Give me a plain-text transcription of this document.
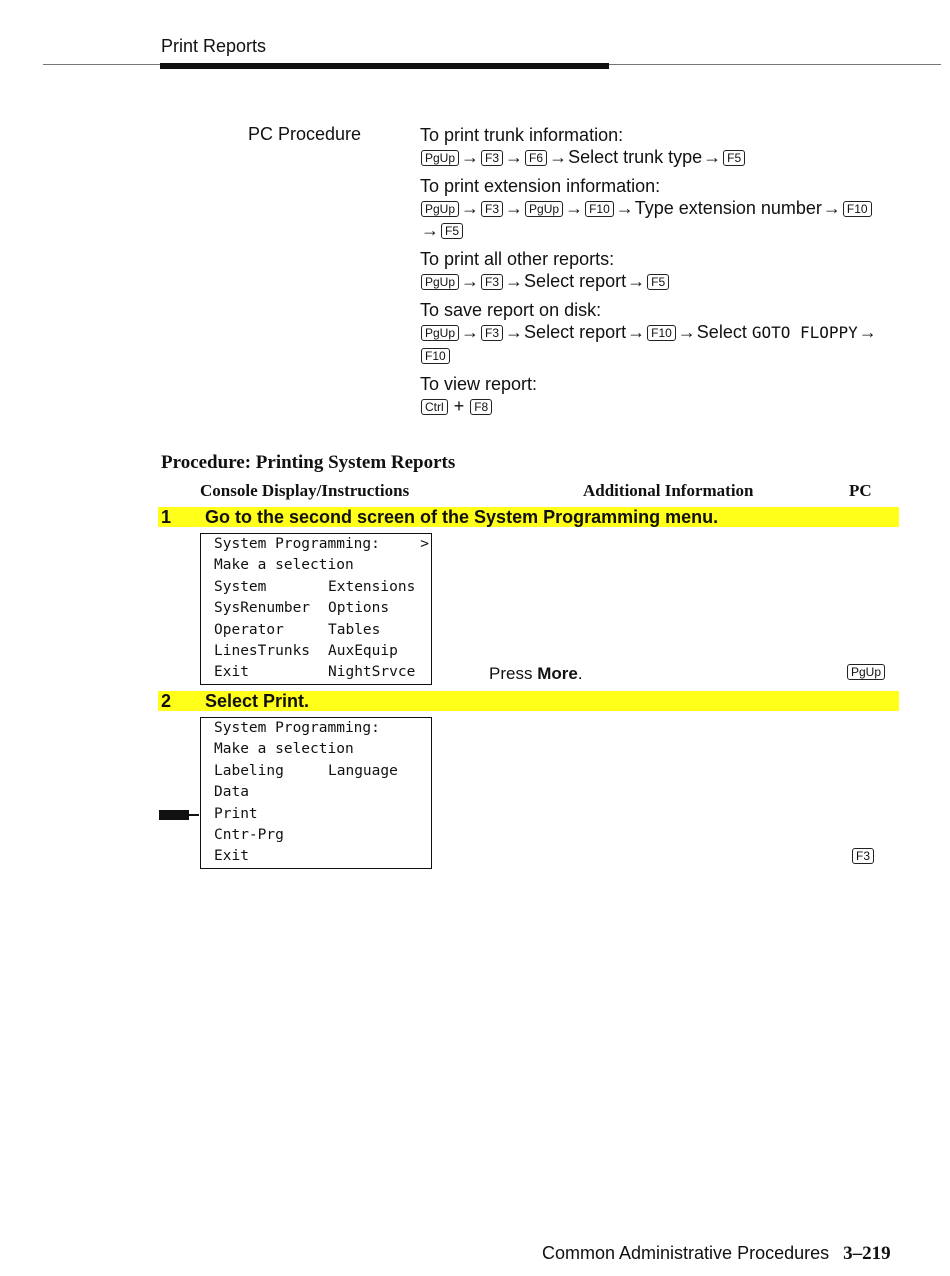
Print Reports
PC Procedure	To print trunk information:
PgUp → F3 → F6 →Select trunk type→ F5
To print extension information:
PgUp → F3 → PgUp → F10 →Type extension number→ F10
→ F5
To print all other reports:
PgUp → F3 →Select report→ F5
To save report on disk:
PgUp → F3 →Select report→ F10 →Select GOTO FLOPPY→
F10
To view report:
Ctrl + F8
Procedure: Printing System Reports
Console Display/Instructions	Additional Information	PC
1 Go to the second screen of the System Programming menu.
System Programming:	>
Make a selection
System	Extensions
SysRenumber Options
Operator	Tables
LinesTrunks AuxEquip
Exit	NightSrvce	Press More.	PgUp
2 Select Print.
System Programming:
Make a selection
Labeling	Language
Data
Print
Cntr-Prg
Exit	F3
Common Administrative Procedures 3–219
